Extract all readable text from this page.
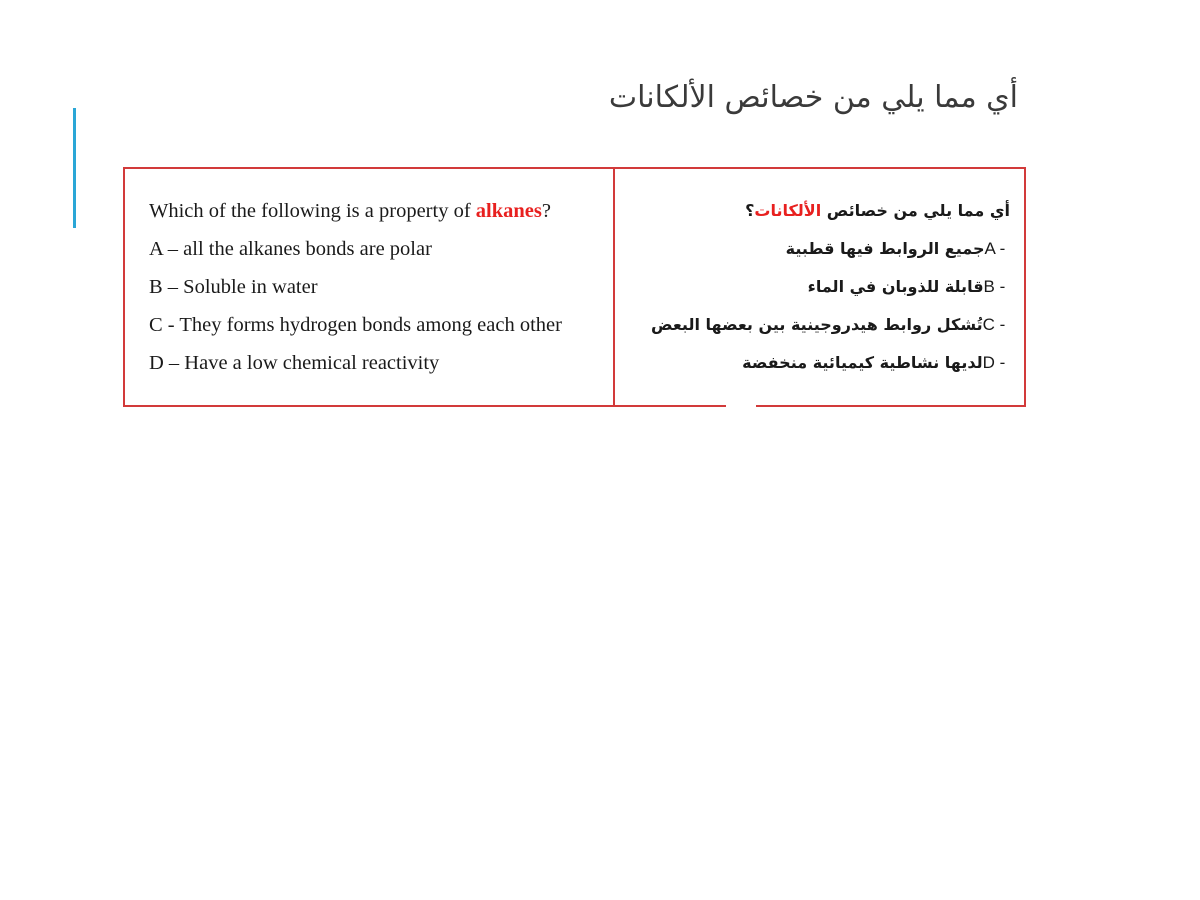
أي مما يلي من خصائص الألكانات
Which of the following is a property of alkanes?
A – all the alkanes bonds are polar
B – Soluble in water
C - They forms hydrogen bonds among each other
D – Have a low chemical reactivity
أي مما يلي من خصائص الألكانات؟
A - جميع الروابط فيها قطبية
B - قابلة للذوبان في الماء
C - تُشكل روابط هيدروجينية بين بعضها البعض
D - لديها نشاطية كيميائية منخفضة
